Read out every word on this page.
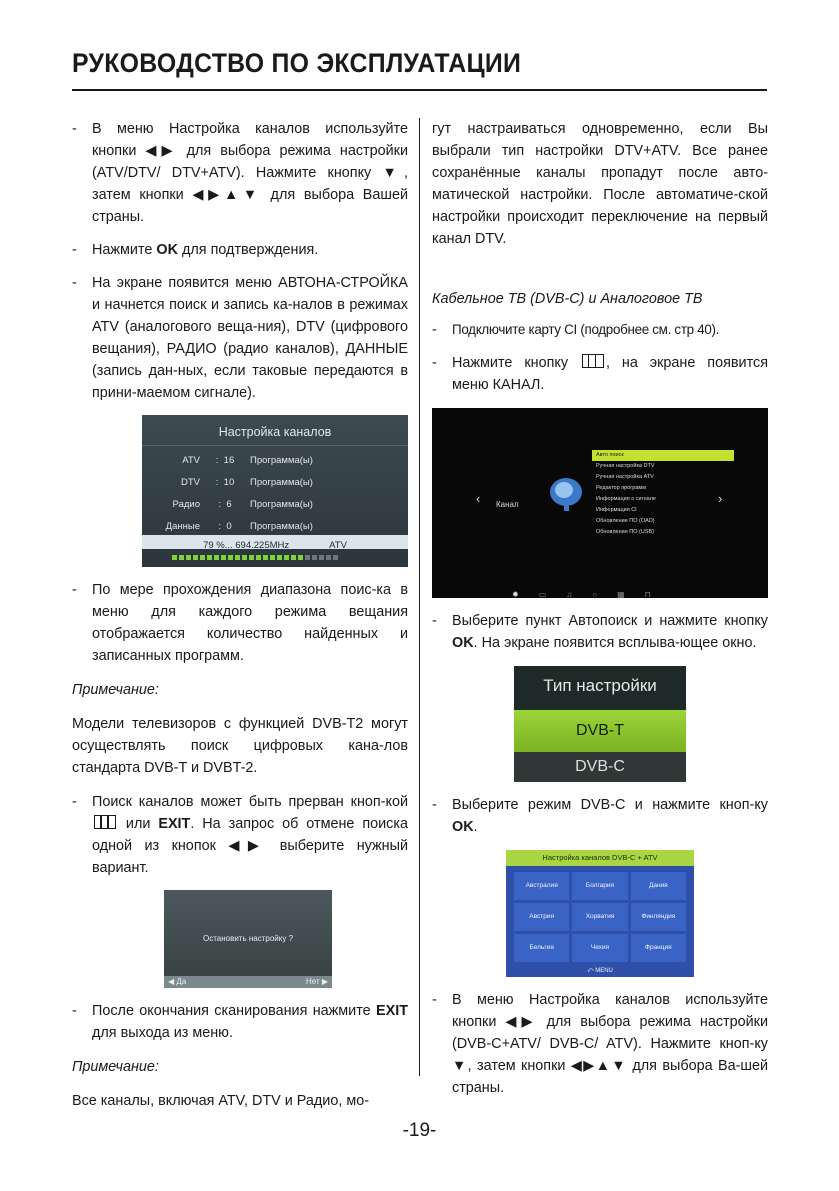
РУКОВОДСТВО ПО ЭКСПЛУАТАЦИИ
-	В меню Настройка каналов используйте кнопки ◀▶ для выбора режима настройки (ATV/DTV/ DTV+ATV). Нажмите кнопку ▼, затем кнопки ◀▶▲▼ для выбора Вашей страны.
-	Нажмите OK для подтверждения.
-	На экране появится меню АВТОНА-СТРОЙКА и начнется поиск и запись ка-налов в режимах ATV (аналогового веща-ния), DTV (цифрового вещания), РАДИО (радио каналов), ДАННЫЕ (запись дан-ных, если таковые передаются в прини-маемом сигнале).
Настройка каналов
ATV	: 16	Программа(ы)
DTV	: 10	Программа(ы)
Радио	: 6	Программа(ы)
Данные	: 0	Программа(ы)
79 %... 694.225MHz	ATV
-	По мере прохождения диапазона поис-ка в меню для каждого режима вещания отображается количество найденных и записанных программ.
Примечание:

Модели телевизоров с функцией DVB-T2 могут осуществлять поиск цифровых кана-лов стандарта DVB-T и DVBT-2.

-	Поиск каналов может быть прерван кноп-кой  или EXIT. На запрос об отмене поиска одной из кнопок ◀▶ выберите нужный вариант.
Остановить настройку ?
◀ Да	Нет ▶
-	После окончания сканирования нажмите EXIT для выхода из меню.
Примечание:

Все каналы, включая ATV, DTV и Радио, мо-

гут настраиваться одновременно, если Вы выбрали тип настройки DTV+ATV. Все ранее сохранённые каналы пропадут после авто-матической настройки. После автоматиче-ской настройки происходит переключение на первый канал DTV.

Кабельное ТВ (DVB-C) и Аналоговое ТВ
-	Подключите карту CI (подробнее см. стр 40).
-	Нажмите кнопку , на экране появится меню КАНАЛ.
‹ Канал
Авто поиск
Ручная настройка DTV
Ручная настройка ATV
Редактор программ
Информация о сигнале
Информация CI
Обновление ПО (OAD)
Обновление ПО (USB)
›
✹	▭	♫	○	▦	⊓
-	Выберите пункт Автопоиск и нажмите кнопку OK. На экране появится всплыва-ющее окно.
Тип настройки
DVB-T
DVB-C
-	Выберите режим DVB-C и нажмите кноп-ку OK.
Настройка каналов DVB-C + ATV
Австралия	Болгария	Дания
Австрия	Хорватия	Финляндия
Бельгия	Чехия	Франция
⤺ MENU
-	В меню Настройка каналов используйте кнопки ◀▶ для выбора режима настройки (DVB-C+ATV/ DVB-C/ ATV). Нажмите кноп-ку ▼, затем кнопки ◀▶▲▼ для выбора Ва-шей страны.
-19-
